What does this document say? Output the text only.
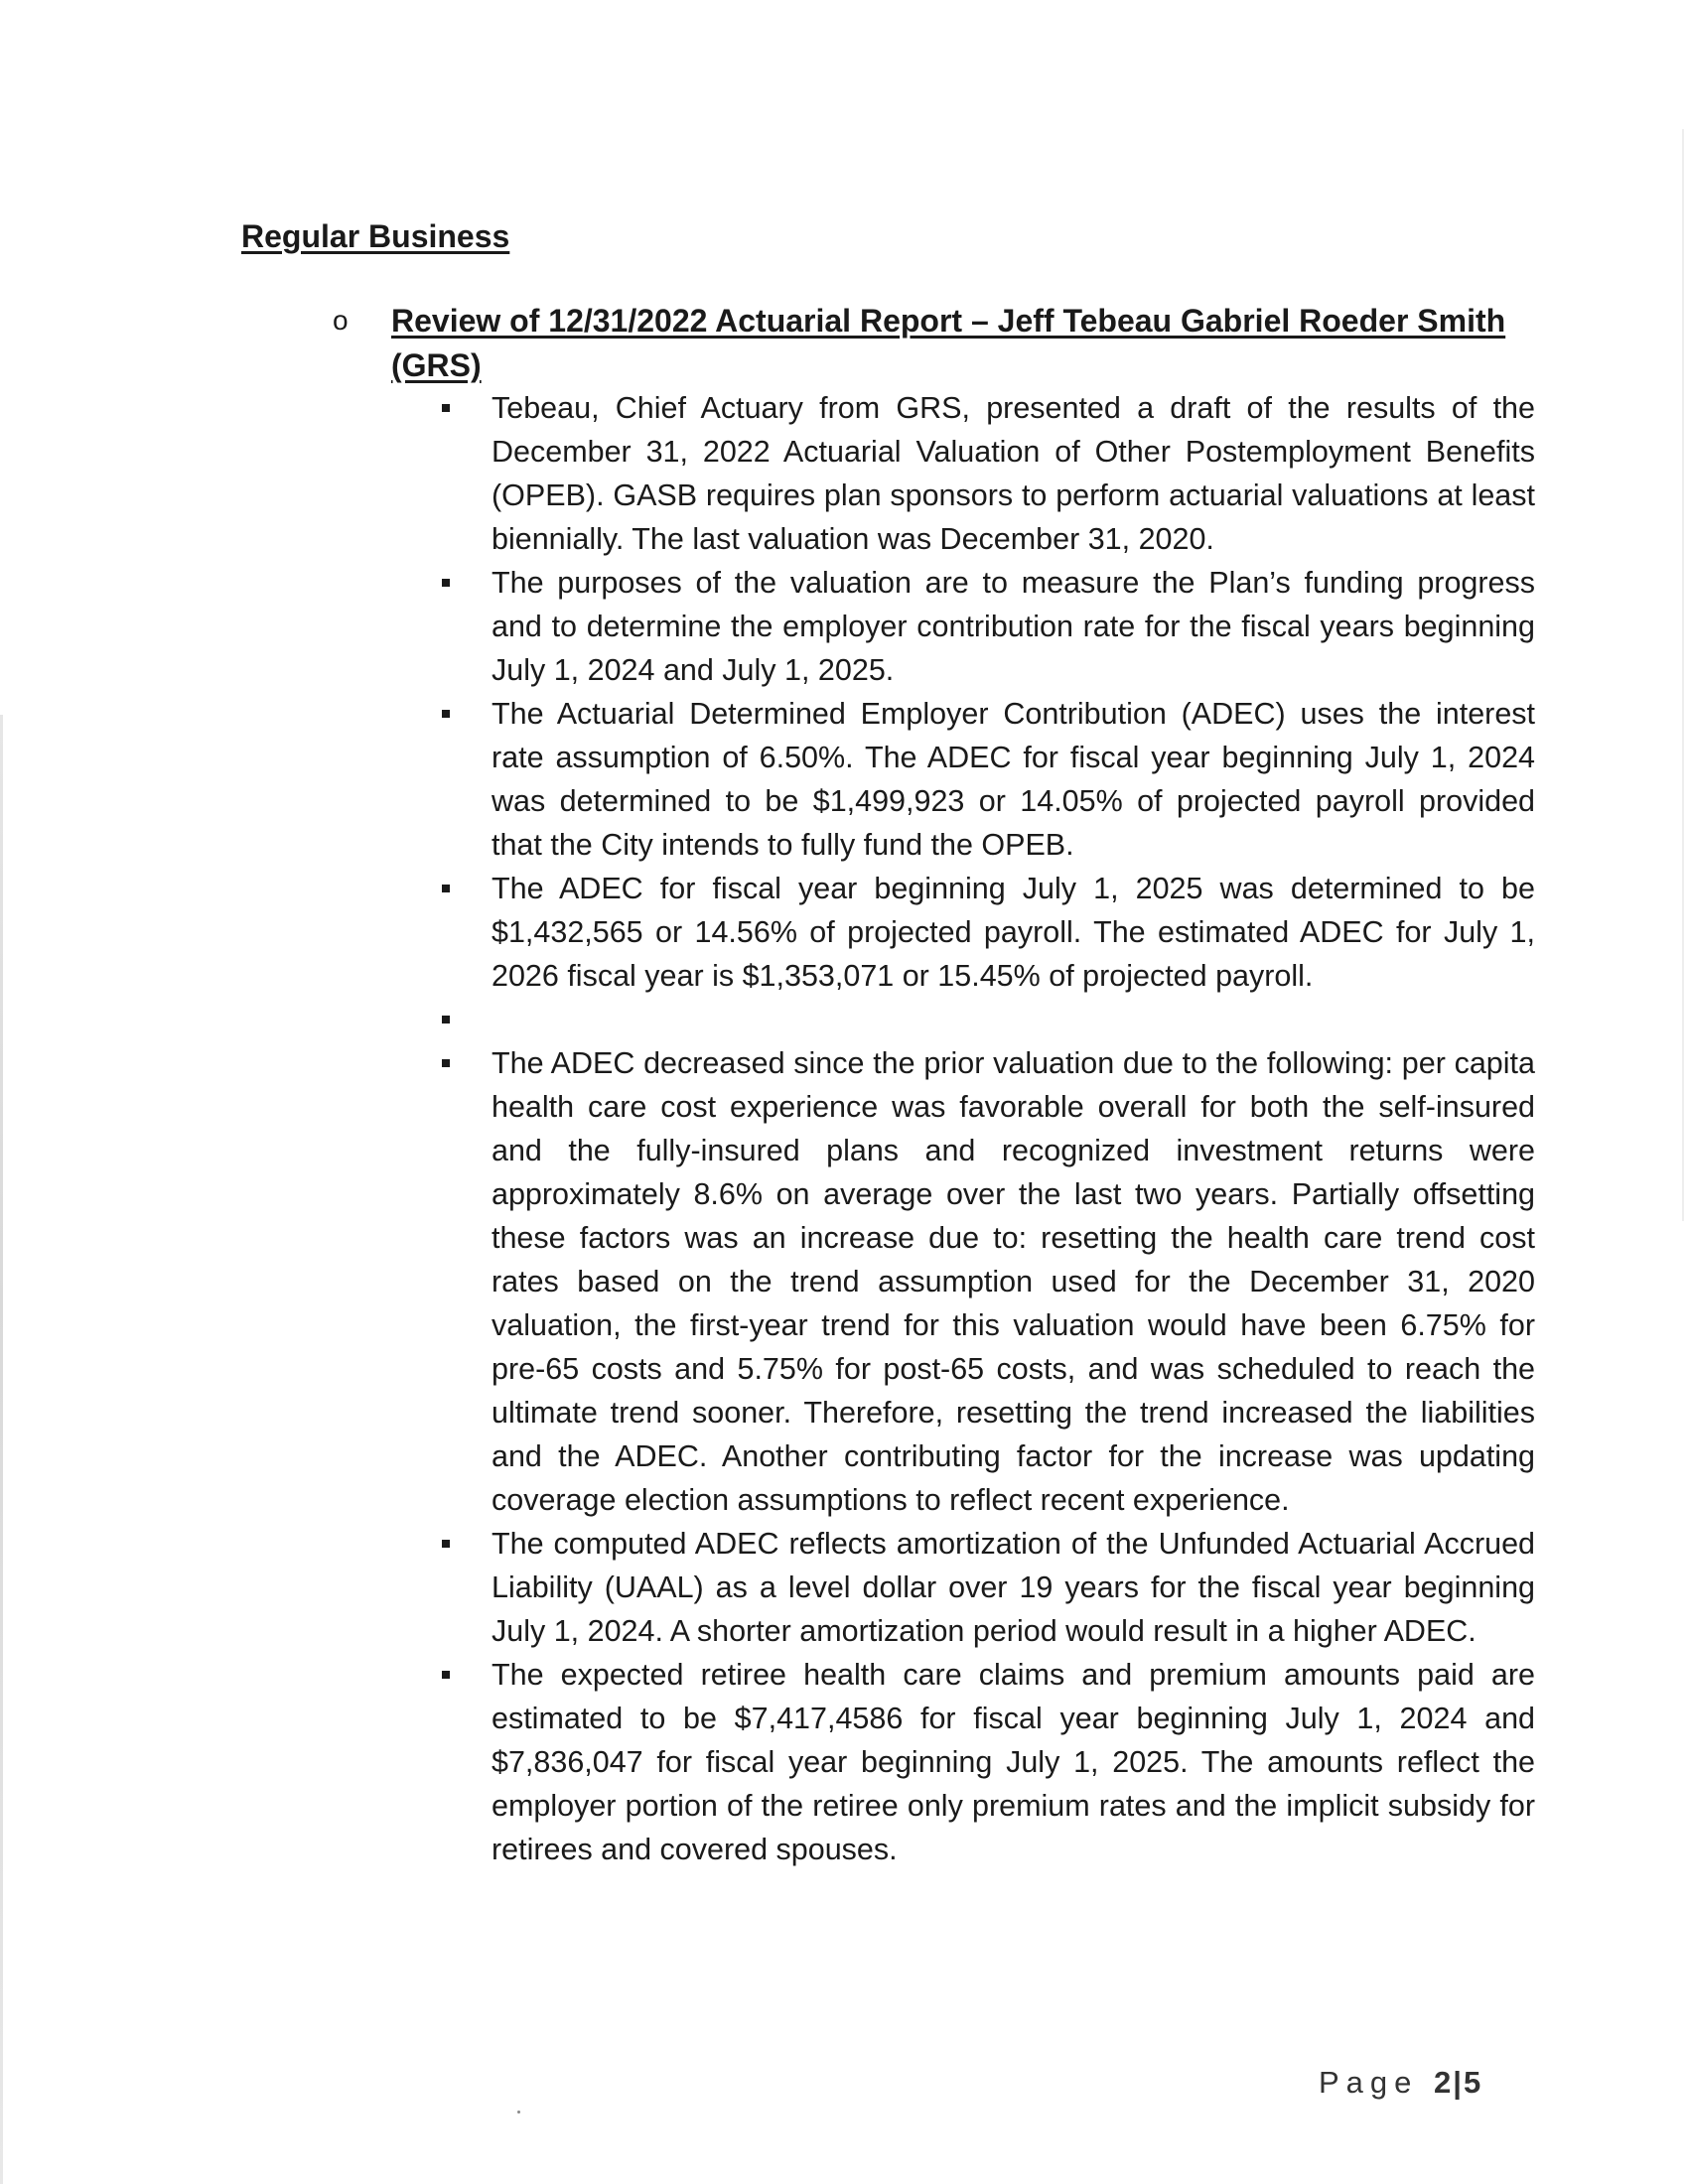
Regular Business
o Review of 12/31/2022 Actuarial Report – Jeff Tebeau Gabriel Roeder Smith (GRS)
Tebeau, Chief Actuary from GRS, presented a draft of the results of the December 31, 2022 Actuarial Valuation of Other Postemployment Benefits (OPEB). GASB requires plan sponsors to perform actuarial valuations at least biennially. The last valuation was December 31, 2020.
The purposes of the valuation are to measure the Plan’s funding progress and to determine the employer contribution rate for the fiscal years beginning July 1, 2024 and July 1, 2025.
The Actuarial Determined Employer Contribution (ADEC) uses the interest rate assumption of 6.50%. The ADEC for fiscal year beginning July 1, 2024 was determined to be $1,499,923 or 14.05% of projected payroll provided that the City intends to fully fund the OPEB.
The ADEC for fiscal year beginning July 1, 2025 was determined to be $1,432,565 or 14.56% of projected payroll. The estimated ADEC for July 1, 2026 fiscal year is $1,353,071 or 15.45% of projected payroll.
The ADEC decreased since the prior valuation due to the following: per capita health care cost experience was favorable overall for both the self-insured and the fully-insured plans and recognized investment returns were approximately 8.6% on average over the last two years. Partially offsetting these factors was an increase due to: resetting the health care trend cost rates based on the trend assumption used for the December 31, 2020 valuation, the first-year trend for this valuation would have been 6.75% for pre-65 costs and 5.75% for post-65 costs, and was scheduled to reach the ultimate trend sooner. Therefore, resetting the trend increased the liabilities and the ADEC. Another contributing factor for the increase was updating coverage election assumptions to reflect recent experience.
The computed ADEC reflects amortization of the Unfunded Actuarial Accrued Liability (UAAL) as a level dollar over 19 years for the fiscal year beginning July 1, 2024. A shorter amortization period would result in a higher ADEC.
The expected retiree health care claims and premium amounts paid are estimated to be $7,417,4586 for fiscal year beginning July 1, 2024 and $7,836,047 for fiscal year beginning July 1, 2025. The amounts reflect the employer portion of the retiree only premium rates and the implicit subsidy for retirees and covered spouses.
Page 2|5
